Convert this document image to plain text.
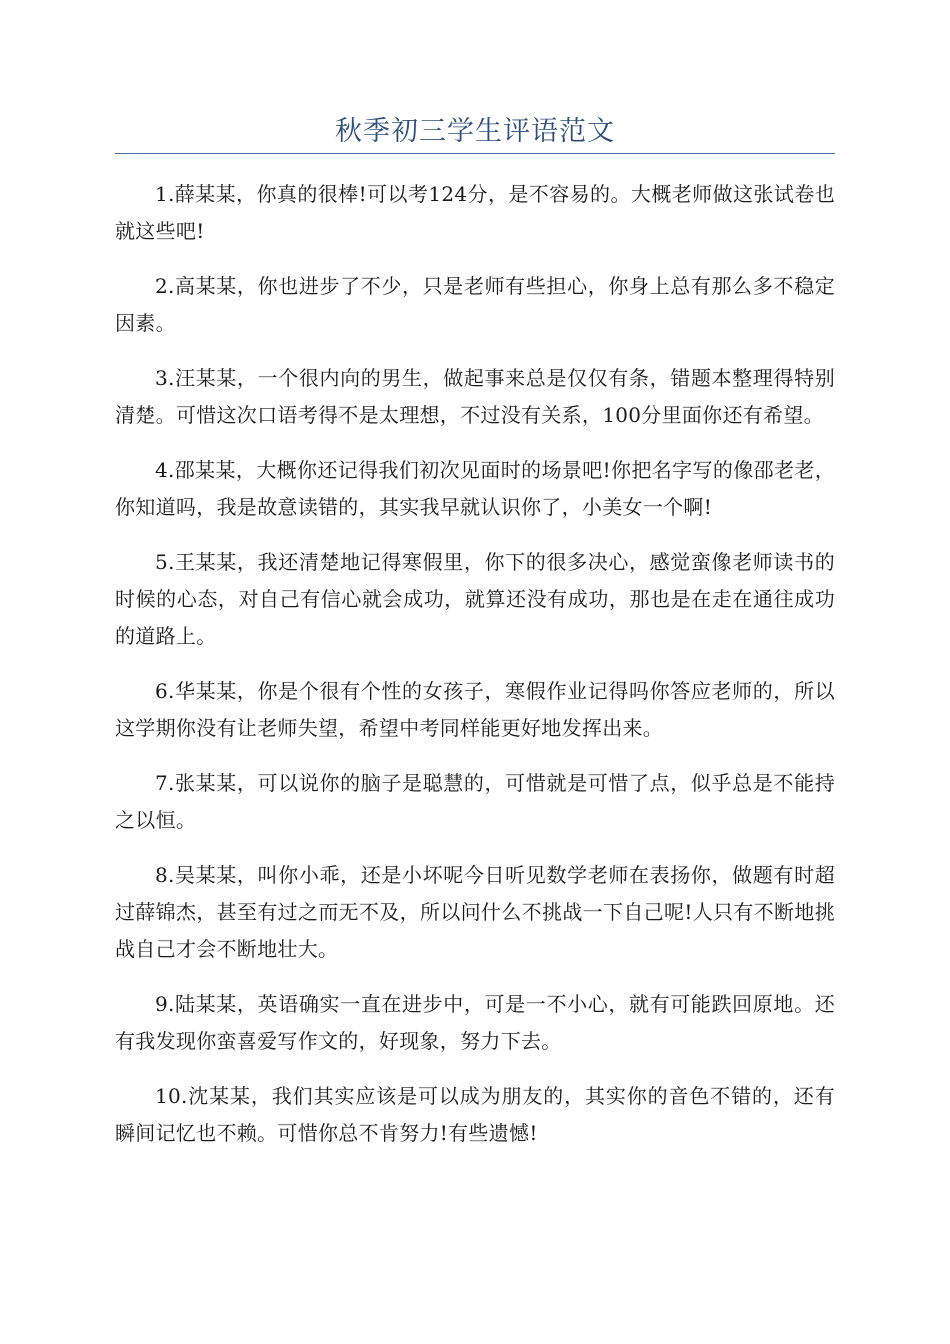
秋季初三学生评语范文

1.薛某某，你真的很棒!可以考124分，是不容易的。大概老师做这张试卷也就这些吧!

2.高某某，你也进步了不少，只是老师有些担心，你身上总有那么多不稳定因素。

3.汪某某，一个很内向的男生，做起事来总是仅仅有条，错题本整理得特别清楚。可惜这次口语考得不是太理想，不过没有关系，100分里面你还有希望。

4.邵某某，大概你还记得我们初次见面时的场景吧!你把名字写的像邵老老，你知道吗，我是故意读错的，其实我早就认识你了，小美女一个啊!

5.王某某，我还清楚地记得寒假里，你下的很多决心，感觉蛮像老师读书的时候的心态，对自己有信心就会成功，就算还没有成功，那也是在走在通往成功的道路上。

6.华某某，你是个很有个性的女孩子，寒假作业记得吗你答应老师的，所以这学期你没有让老师失望，希望中考同样能更好地发挥出来。

7.张某某，可以说你的脑子是聪慧的，可惜就是可惜了点，似乎总是不能持之以恒。

8.吴某某，叫你小乖，还是小坏呢今日听见数学老师在表扬你，做题有时超过薛锦杰，甚至有过之而无不及，所以问什么不挑战一下自己呢!人只有不断地挑战自己才会不断地壮大。

9.陆某某，英语确实一直在进步中，可是一不小心，就有可能跌回原地。还有我发现你蛮喜爱写作文的，好现象，努力下去。

10.沈某某，我们其实应该是可以成为朋友的，其实你的音色不错的，还有瞬间记忆也不赖。可惜你总不肯努力!有些遗憾!
